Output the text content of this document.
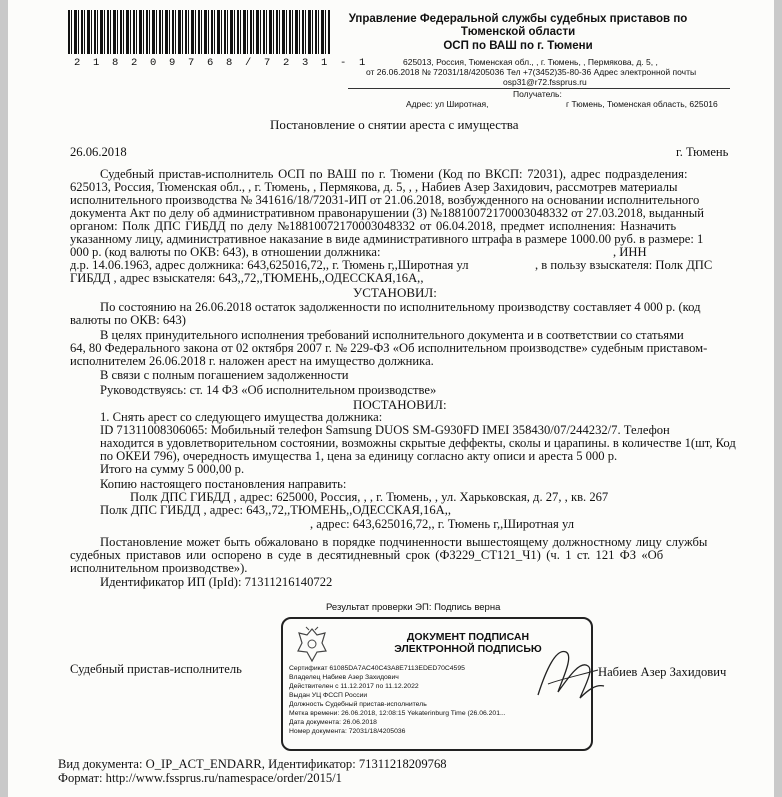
2 1 8 2 0 9 7 6 8 / 7 2 3 1 - 1
Управление Федеральной службы судебных приставов по Тюменской области
ОСП по ВАШ по г. Тюмени
625013, Россия, Тюменская обл., , г. Тюмень, , Пермякова, д. 5, ,
от 26.06.2018 № 72031/18/4205036 Тел +7(3452)35-80-36 Адрес электронной почты
osp31@r72.fssprus.ru
Получатель:
Адрес: ул Широтная,	г Тюмень, Тюменская область, 625016
Постановление о снятии ареста с имущества
26.06.2018	г. Тюмень
Судебный пристав-исполнитель ОСП по ВАШ по г. Тюмени (Код по ВКСП: 72031), адрес подразделения:
625013, Россия, Тюменская обл., , г. Тюмень, , Пермякова, д. 5, , , Набиев Азер Захидович, рассмотрев материалы
исполнительного производства № 341616/18/72031-ИП от 21.06.2018, возбужденного на основании исполнительного
документа Акт по делу об административном правонарушении (3) №18810072170003048332 от 27.03.2018, выданный
органом: Полк ДПС ГИБДД по делу №18810072170003048332 от 06.04.2018, предмет исполнения: Назначить
указанному лицу, административное наказание в виде административного штрафа в размере 1000.00 руб. в размере: 1
000 р. (код валюты по ОКВ: 643), в отношении должника:	, ИНН
д.р. 14.06.1963, адрес должника: 643,625016,72,, г. Тюмень г,,Широтная ул	, в пользу взыскателя: Полк ДПС
ГИБДД , адрес взыскателя: 643,,72,,ТЮМЕНЬ,,ОДЕССКАЯ,16А,,
УСТАНОВИЛ:
По состоянию на 26.06.2018 остаток задолженности по исполнительному производству составляет 4 000 р. (код
валюты по ОКВ: 643)
В целях принудительного исполнения требований исполнительного документа и в соответствии со статьями
64, 80 Федерального закона от 02 октября 2007 г. № 229-ФЗ «Об исполнительном производстве» судебным приставом-
исполнителем 26.06.2018 г. наложен арест на имущество должника.
В связи с полным погашением задолженности
Руководствуясь: ст. 14 ФЗ «Об исполнительном производстве»
ПОСТАНОВИЛ:
1. Снять арест со следующего имущества должника:
ID 71311008306065: Мобильный телефон Samsung DUOS SM-G930FD IMEI 358430/07/244232/7. Телефон
находится в удовлетворительном состоянии, возможны скрытые деффекты, сколы и царапины. в количестве 1(шт, Код
по ОКЕИ 796), очередность имущества 1, цена за единицу согласно акту описи и ареста 5 000 р.
Итого на сумму 5 000,00 р.
Копию настоящего постановления направить:
Полк ДПС ГИБДД , адрес: 625000, Россия, , , г. Тюмень, , ул. Харьковская, д. 27, , кв. 267
Полк ДПС ГИБДД , адрес: 643,,72,,ТЮМЕНЬ,,ОДЕССКАЯ,16А,,
, адрес: 643,625016,72,, г. Тюмень г,,Широтная ул
Постановление может быть обжаловано в порядке подчиненности вышестоящему должностному лицу службы
судебных приставов или оспорено в суде в десятидневный срок (ФЗ229_СТ121_Ч1) (ч. 1 ст. 121 ФЗ «Об
исполнительном производстве»).
Идентификатор ИП (IpId): 71311216140722
Результат проверки ЭП: Подпись верна
Судебный пристав-исполнитель	Набиев Азер Захидович
ДОКУМЕНТ ПОДПИСАН
ЭЛЕКТРОННОЙ ПОДПИСЬЮ
Сертификат 61085DA7AC40C43A8E7113EDED70C4595
Владелец Набиев Азер Захидович
Действителен с 11.12.2017 по 11.12.2022
Выдан УЦ ФССП России
Должность Судебный пристав-исполнитель
Метка времени: 26.06.2018, 12:08:15 Yekaterinburg Time (26.06.201...
Дата документа: 26.06.2018
Номер документа: 72031/18/4205036
Вид документа: O_IP_ACT_ENDARR, Идентификатор: 71311218209768
Формат: http://www.fssprus.ru/namespace/order/2015/1
